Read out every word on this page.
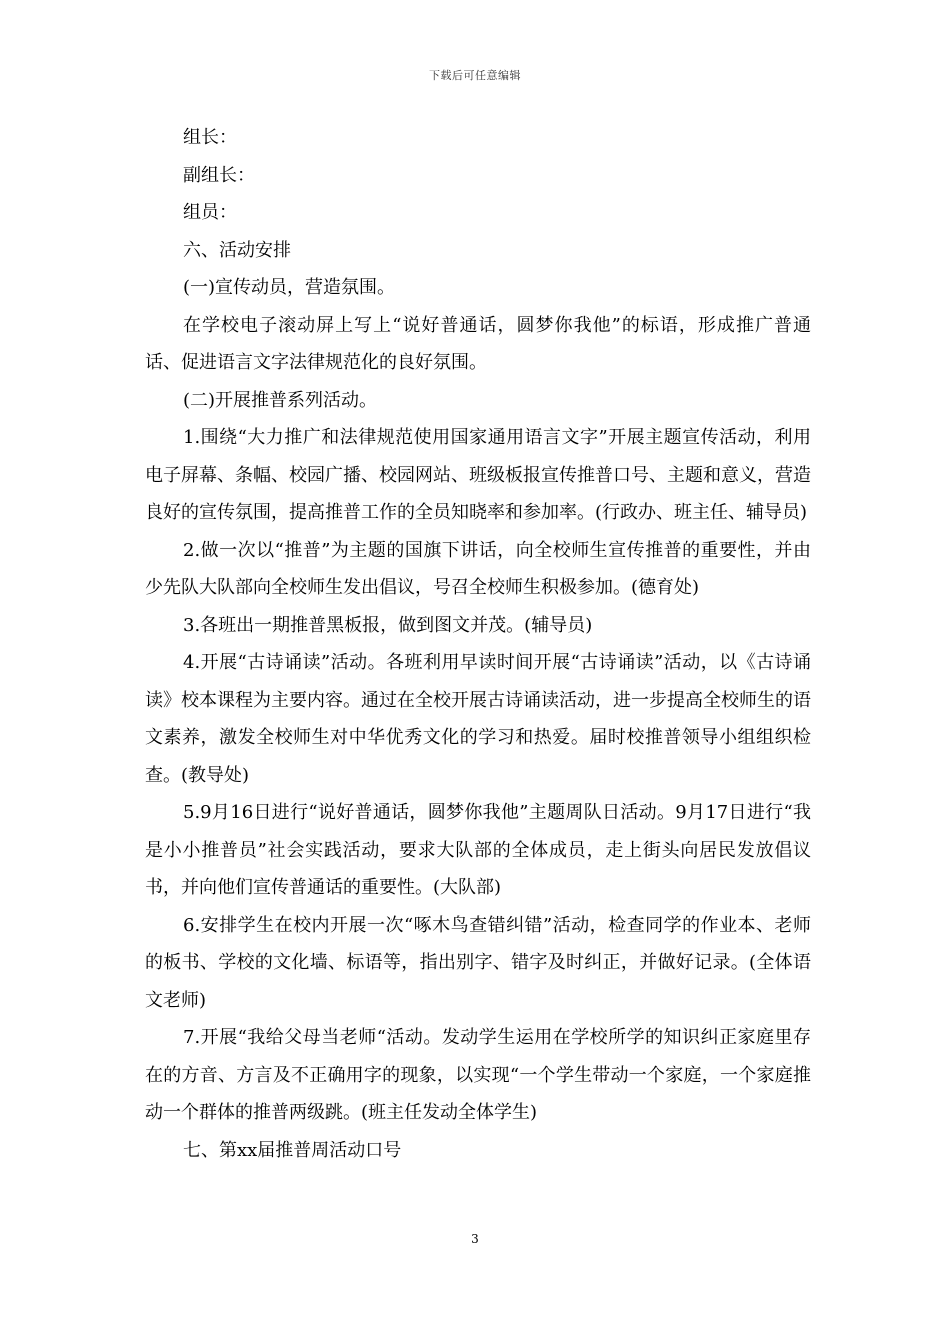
下载后可任意编辑

组长：

副组长：

组员：

六、活动安排

(一)宣传动员，营造氛围。

在学校电子滚动屏上写上“说好普通话，圆梦你我他”的标语，形成推广普通话、促进语言文字法律规范化的良好氛围。

(二)开展推普系列活动。

1.围绕“大力推广和法律规范使用国家通用语言文字”开展主题宣传活动，利用电子屏幕、条幅、校园广播、校园网站、班级板报宣传推普口号、主题和意义，营造良好的宣传氛围，提高推普工作的全员知晓率和参加率。(行政办、班主任、辅导员)

2.做一次以“推普”为主题的国旗下讲话，向全校师生宣传推普的重要性，并由少先队大队部向全校师生发出倡议，号召全校师生积极参加。(德育处)

3.各班出一期推普黑板报，做到图文并茂。(辅导员)

4.开展“古诗诵读”活动。各班利用早读时间开展“古诗诵读”活动，以《古诗诵读》校本课程为主要内容。通过在全校开展古诗诵读活动，进一步提高全校师生的语文素养，激发全校师生对中华优秀文化的学习和热爱。届时校推普领导小组组织检查。(教导处)

5.9月16日进行“说好普通话，圆梦你我他”主题周队日活动。9月17日进行“我是小小推普员”社会实践活动，要求大队部的全体成员，走上街头向居民发放倡议书，并向他们宣传普通话的重要性。(大队部)

6.安排学生在校内开展一次“啄木鸟查错纠错”活动，检查同学的作业本、老师的板书、学校的文化墙、标语等，指出别字、错字及时纠正，并做好记录。(全体语文老师)

7.开展“我给父母当老师“活动。发动学生运用在学校所学的知识纠正家庭里存在的方音、方言及不正确用字的现象，以实现“一个学生带动一个家庭，一个家庭推动一个群体的推普两级跳。(班主任发动全体学生)

七、第xx届推普周活动口号

3
